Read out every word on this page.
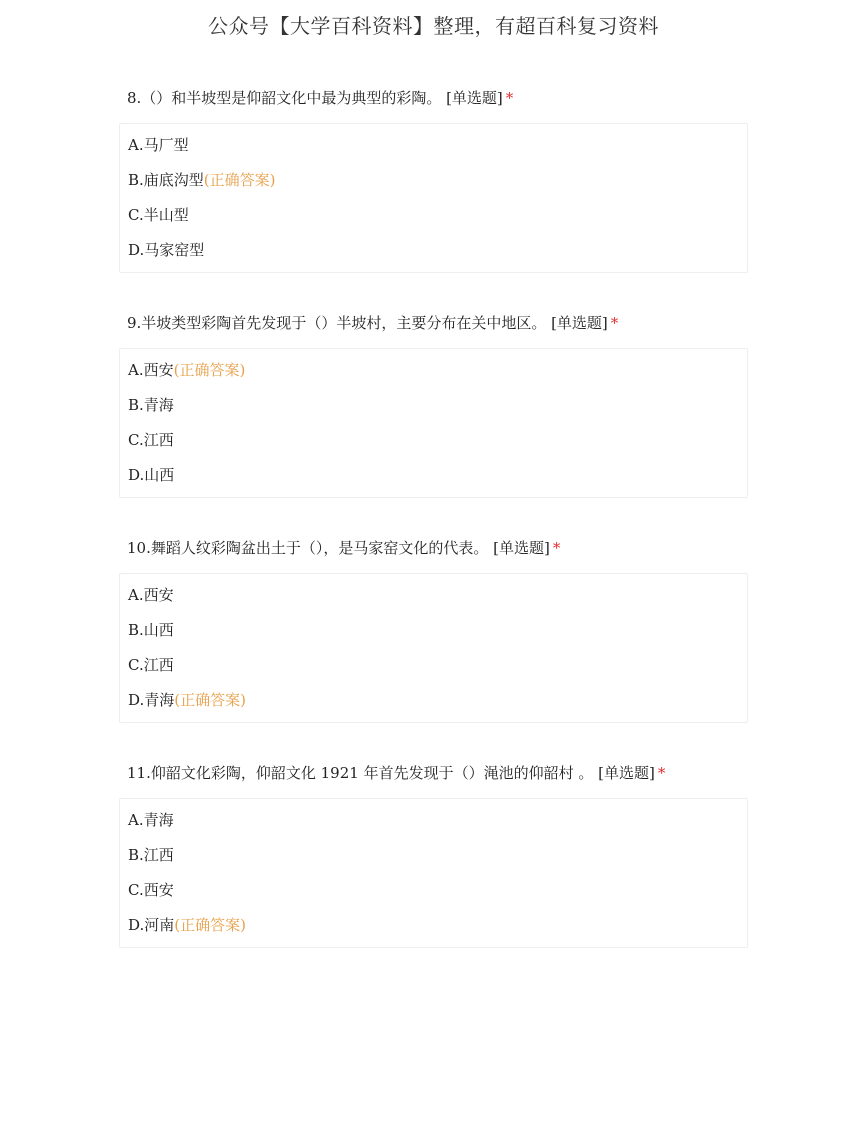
公众号【大学百科资料】整理，有超百科复习资料
8.（）和半坡型是仰韶文化中最为典型的彩陶。 [单选题] *
A.马厂型
B.庙底沟型(正确答案)
C.半山型
D.马家窑型
9.半坡类型彩陶首先发现于（）半坡村，主要分布在关中地区。 [单选题] *
A.西安(正确答案)
B.青海
C.江西
D.山西
10.舞蹈人纹彩陶盆出土于（），是马家窑文化的代表。 [单选题] *
A.西安
B.山西
C.江西
D.青海(正确答案)
11.仰韶文化彩陶，仰韶文化 1921 年首先发现于（）渑池的仰韶村 。 [单选题] *
A.青海
B.江西
C.西安
D.河南(正确答案)
